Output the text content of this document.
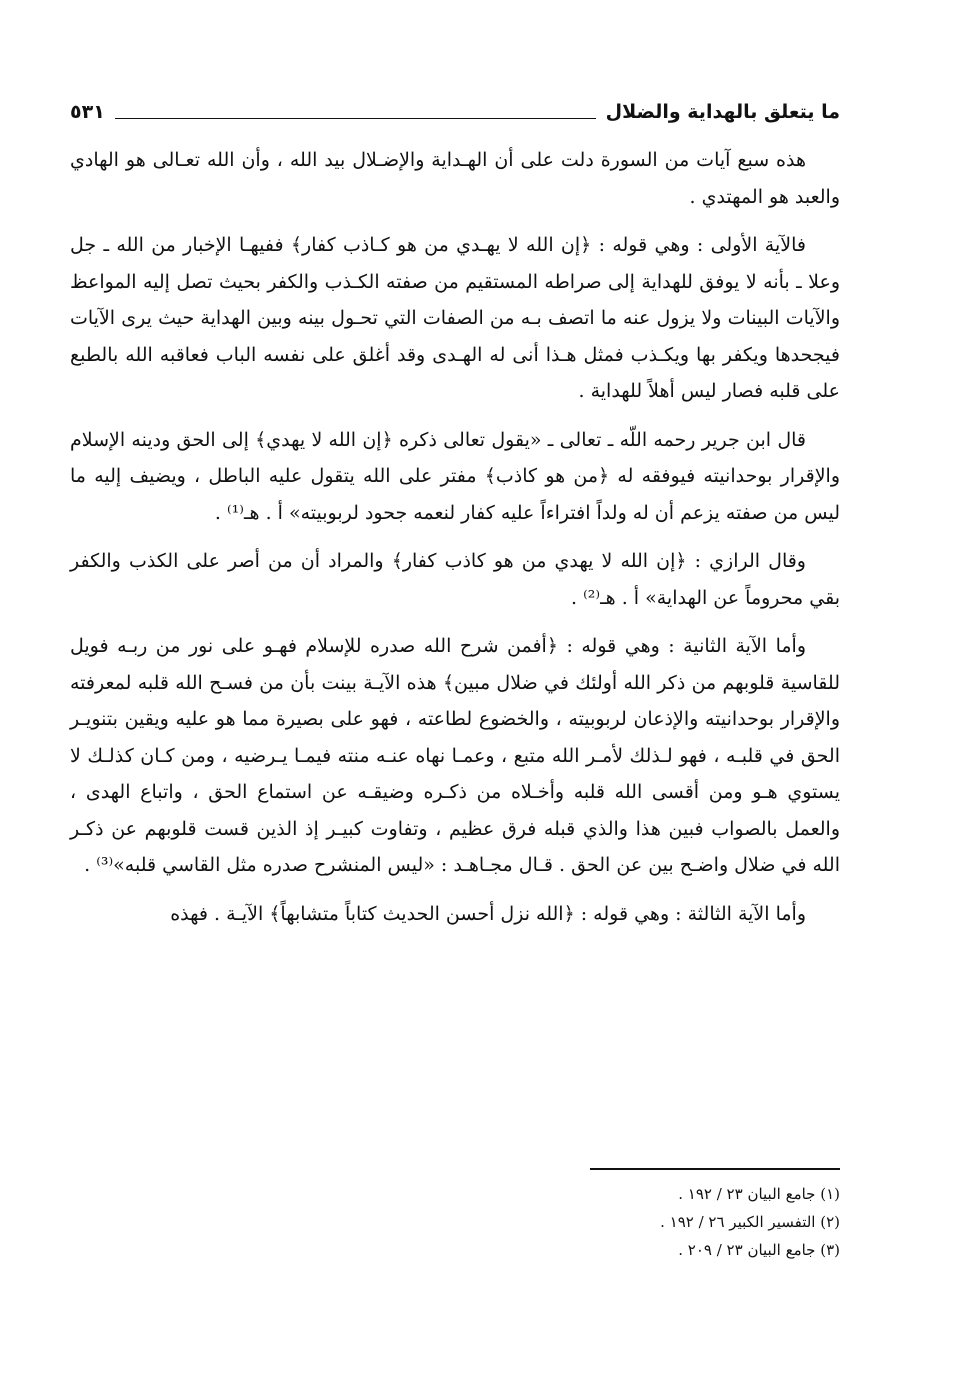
ما يتعلق بالهداية والضلال
٥٣١

هذه سبع آيات من السورة دلت على أن الهـداية والإضـلال بيد الله ، وأن الله تعـالى هو الهادي والعبد هو المهتدي .

فالآية الأولى : وهي قوله : ﴿إن الله لا يهـدي من هو كـاذب كفار﴾ ففيهـا الإخبار من الله ـ جل وعلا ـ بأنه لا يوفق للهداية إلى صراطه المستقيم من صفته الكـذب والكفر بحيث تصل إليه المواعظ والآيات البينات ولا يزول عنه ما اتصف بـه من الصفات التي تحـول بينه وبين الهداية حيث يرى الآيات فيجحدها ويكفر بها ويكـذب فمثل هـذا أنى له الهـدى وقد أغلق على نفسه الباب فعاقبه الله بالطبع على قلبه فصار ليس أهلاً للهداية .

قال ابن جرير رحمه اللّه ـ تعالى ـ «يقول تعالى ذكره ﴿إن الله لا يهدي﴾ إلى الحق ودينه الإسلام والإقرار بوحدانيته فيوفقه له ﴿من هو كاذب﴾ مفتر على الله يتقول عليه الباطل ، ويضيف إليه ما ليس من صفته يزعم أن له ولداً افتراءاً عليه كفار لنعمه جحود لربوبيته» أ . هـ⁽¹⁾ .

وقال الرازي : ﴿إن الله لا يهدي من هو كاذب كفار﴾ والمراد أن من أصر على الكذب والكفر بقي محروماً عن الهداية» أ . هـ⁽²⁾ .

وأما الآية الثانية : وهي قوله : ﴿أفمن شرح الله صدره للإسلام فهـو على نور من ربـه فويل للقاسية قلوبهم من ذكر الله أولئك في ضلال مبين﴾ هذه الآيـة بينت بأن من فسـح الله قلبه لمعرفته والإقرار بوحدانيته والإذعان لربوبيته ، والخضوع لطاعته ، فهو على بصيرة مما هو عليه ويقين بتنويـر الحق في قلبـه ، فهو لـذلك لأمـر الله متبع ، وعمـا نهاه عنـه منته فيمـا يـرضيه ، ومن كـان كذلـك لا يستوي هـو ومن أقسى الله قلبه وأخـلاه من ذكـره وضيقـه عن استماع الحق ، واتباع الهدى ، والعمل بالصواب فبين هذا والذي قبله فرق عظيم ، وتفاوت كبيـر إذ الذين قست قلوبهم عن ذكـر الله في ضلال واضـح بين عن الحق . قـال مجـاهـد : «ليس المنشرح صدره مثل القاسي قلبه»⁽³⁾ .

وأما الآية الثالثة : وهي قوله : ﴿الله نزل أحسن الحديث كتاباً متشابهاً﴾ الآيـة . فهذه

(١) جامع البيان ٢٣ / ١٩٢ .

(٢) التفسير الكبير ٢٦ / ١٩٢ .

(٣) جامع البيان ٢٣ / ٢٠٩ .
